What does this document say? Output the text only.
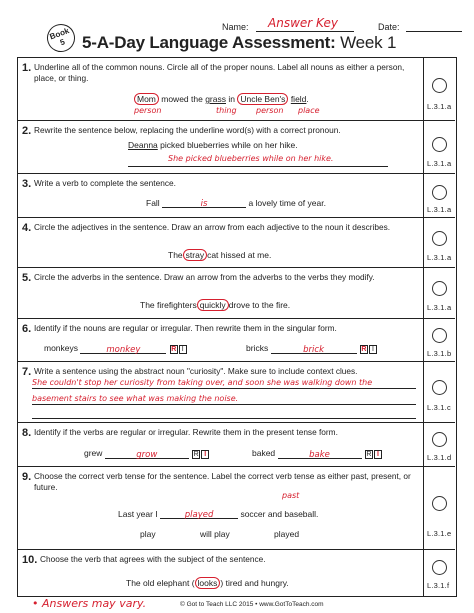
Book 5
Name: Answer Key	Date:
5-A-Day Language Assessment: Week 1
1. Underline all of the common nouns. Circle all of the proper nouns. Label all nouns as either a person, place, or thing.
Mom mowed the grass in Uncle Ben's field.
person	thing person place	L.3.1.a
2. Rewrite the sentence below, replacing the underline word(s) with a correct pronoun.
Deanna picked blueberries while on her hike.
She picked blueberries while on her hike.
L.3.1.a
3. Write a verb to complete the sentence.
Fall	is	a lovely time of year.
L.3.1.a
4. Circle the adjectives in the sentence. Draw an arrow from each adjective to the noun it describes.
The stray cat hissed at me.	L.3.1.a
5. Circle the adverbs in the sentence. Draw an arrow from the adverbs to the verbs they modify.
The firefighters quickly drove to the fire.	L.3.1.a
6. Identify if the nouns are regular or irregular. Then rewrite them in the singular form.
monkeys	monkey	R I	bricks	brick	R I	L.3.1.b
7. Write a sentence using the abstract noun "curiosity". Make sure to include context clues.
She couldn't stop her curiosity from taking over, and soon she was walking down the
basement stairs to see what was making the noise.
L.3.1.c
8. Identify if the verbs are regular or irregular. Rewrite them in the present tense form.
grew	grow	R I	baked	bake	R I	L.3.1.d
9. Choose the correct verb tense for the sentence. Label the correct verb tense as either past, present, or future.
past
Last year I	played	soccer and baseball.
play	will play	played	L.3.1.e
10. Choose the verb that agrees with the subject of the sentence.
The old elephant ( looks ) tired and hungry.	L.3.1.f
• Answers may vary.	© Got to Teach LLC 2015 • www.GotToTeach.com
